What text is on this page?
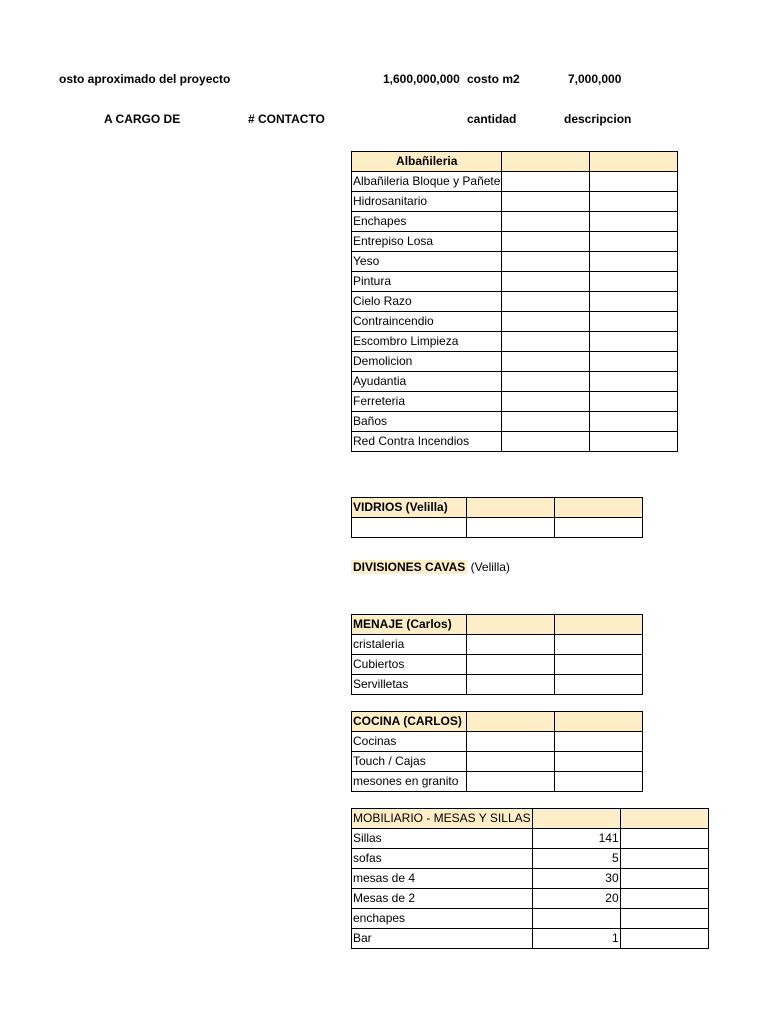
osto aproximado del proyecto	1,600,000,000 costo m2	7,000,000
A CARGO DE	# CONTACTO	cantidad	descripcion
Albañileria		
Albañileria Bloque y Pañete		
Hidrosanitario		
Enchapes		
Entrepiso Losa		
Yeso		
Pintura		
Cielo Razo		
Contraincendio		
Escombro Limpieza		
Demolicion		
Ayudantia		
Ferreteria		
Baños		
Red Contra Incendios		
VIDRIOS (Velilla)		

DIVISIONES CAVAS (Velilla)
MENAJE (Carlos)		
cristaleria		
Cubiertos		
Servilletas		
COCINA (CARLOS)		
Cocinas		
Touch / Cajas		
mesones en granito		
MOBILIARIO - MESAS Y SILLAS		
Sillas	141	
sofas	5	
mesas de 4	30	
Mesas de 2	20	
enchapes		
Bar	1	
